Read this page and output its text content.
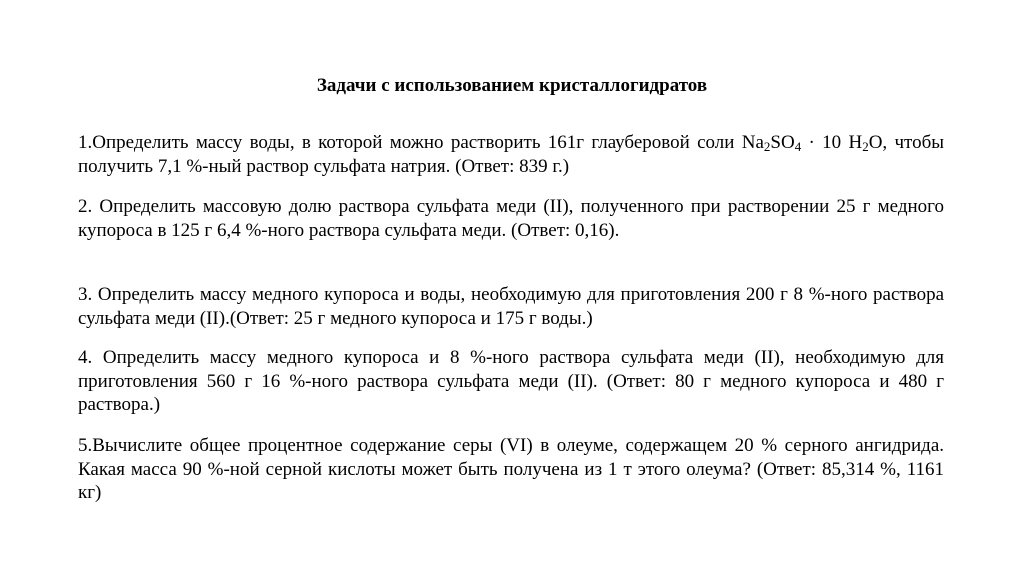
Задачи с использованием кристаллогидратов
1.Определить массу воды, в которой можно растворить 161г глауберовой соли $Na_2SO_4 \cdot 10$ $H_2O$, чтобы получить 7,1 %-ный раствор сульфата натрия. (Ответ: 839 г.)
2. Определить массовую долю раствора сульфата меди (II), полученного при растворении 25 г медного купороса в 125 г 6,4 %-ного раствора сульфата меди. (Ответ: 0,16).
3. Определить массу медного купороса и воды, необходимую для приготовления 200 г 8 %-ного раствора сульфата меди (II).(Ответ: 25 г медного купороса и 175 г воды.)
4. Определить массу медного купороса и 8 %-ного раствора сульфата меди (II), необходимую для приготовления 560 г 16 %-ного раствора сульфата меди (II). (Ответ: 80 г медного купороса и 480 г раствора.)
5.Вычислите общее процентное содержание серы (VI) в олеуме, содержащем 20 % серного ангидрида. Какая масса 90 %-ной серной кислоты может быть получена из 1 т этого олеума? (Ответ: 85,314 %, 1161 кг)
